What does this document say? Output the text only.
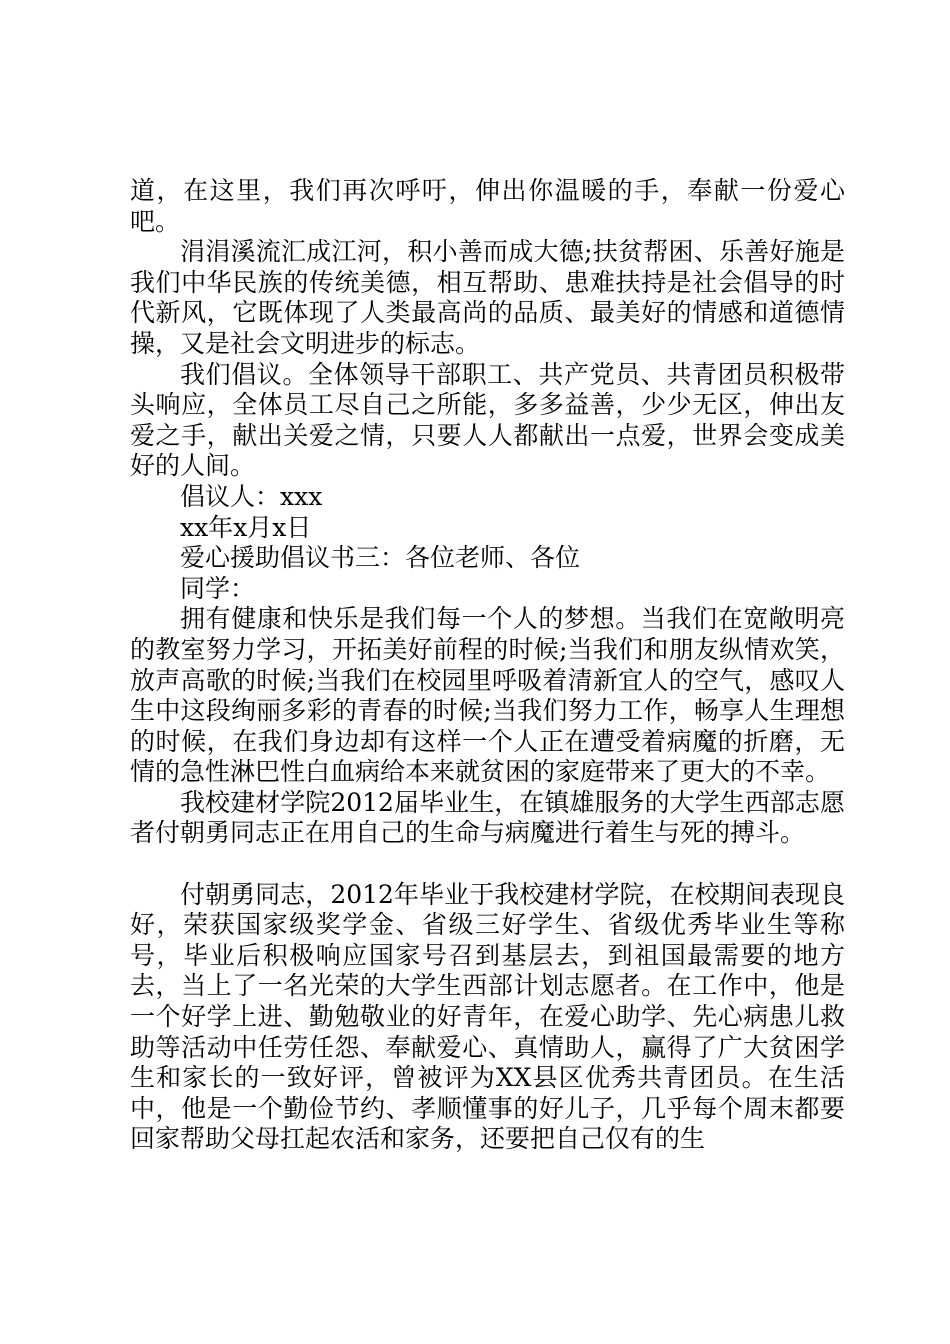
道，在这里，我们再次呼吁，伸出你温暖的手，奉献一份爱心吧。

涓涓溪流汇成江河，积小善而成大德;扶贫帮困、乐善好施是我们中华民族的传统美德，相互帮助、患难扶持是社会倡导的时代新风，它既体现了人类最高尚的品质、最美好的情感和道德情操，又是社会文明进步的标志。

我们倡议。全体领导干部职工、共产党员、共青团员积极带头响应，全体员工尽自己之所能，多多益善，少少无区，伸出友爱之手，献出关爱之情，只要人人都献出一点爱，世界会变成美好的人间。

倡议人：xxx

xx年x月x日

爱心援助倡议书三：各位老师、各位

同学：

拥有健康和快乐是我们每一个人的梦想。当我们在宽敞明亮的教室努力学习，开拓美好前程的时候;当我们和朋友纵情欢笑，放声高歌的时候;当我们在校园里呼吸着清新宜人的空气，感叹人生中这段绚丽多彩的青春的时候;当我们努力工作，畅享人生理想的时候，在我们身边却有这样一个人正在遭受着病魔的折磨，无情的急性淋巴性白血病给本来就贫困的家庭带来了更大的不幸。

我校建材学院2012届毕业生，在镇雄服务的大学生西部志愿者付朝勇同志正在用自己的生命与病魔进行着生与死的搏斗。

付朝勇同志，2012年毕业于我校建材学院，在校期间表现良好，荣获国家级奖学金、省级三好学生、省级优秀毕业生等称号，毕业后积极响应国家号召到基层去，到祖国最需要的地方去，当上了一名光荣的大学生西部计划志愿者。在工作中，他是一个好学上进、勤勉敬业的好青年，在爱心助学、先心病患儿救助等活动中任劳任怨、奉献爱心、真情助人，赢得了广大贫困学生和家长的一致好评，曾被评为XX县区优秀共青团员。在生活中，他是一个勤俭节约、孝顺懂事的好儿子，几乎每个周末都要回家帮助父母扛起农活和家务，还要把自己仅有的生
